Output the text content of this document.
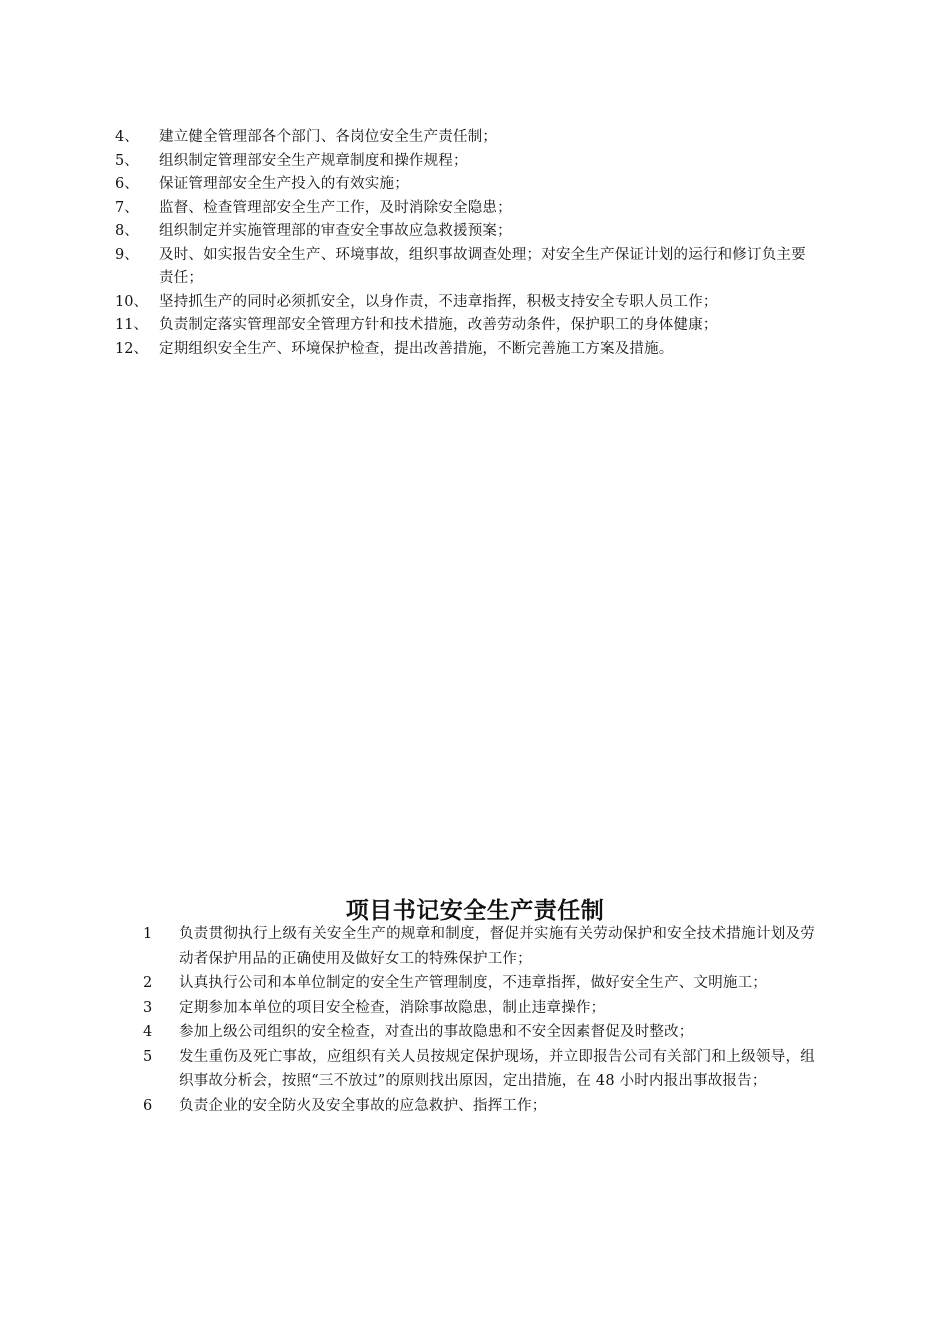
4、	建立健全管理部各个部门、各岗位安全生产责任制；
5、	组织制定管理部安全生产规章制度和操作规程；
6、	保证管理部安全生产投入的有效实施；
7、	监督、检查管理部安全生产工作，及时消除安全隐患；
8、	组织制定并实施管理部的审查安全事故应急救援预案；
9、	及时、如实报告安全生产、环境事故，组织事故调查处理；对安全生产保证计划的运行和修订负主要责任；
10、 坚持抓生产的同时必须抓安全，以身作责，不违章指挥，积极支持安全专职人员工作；
11、 负责制定落实管理部安全管理方针和技术措施，改善劳动条件，保护职工的身体健康；
12、 定期组织安全生产、环境保护检查，提出改善措施，不断完善施工方案及措施。
项目书记安全生产责任制
1	负责贯彻执行上级有关安全生产的规章和制度，督促并实施有关劳动保护和安全技术措施计划及劳动者保护用品的正确使用及做好女工的特殊保护工作；
2	认真执行公司和本单位制定的安全生产管理制度，不违章指挥，做好安全生产、文明施工；
3	定期参加本单位的项目安全检查，消除事故隐患，制止违章操作；
4	参加上级公司组织的安全检查，对查出的事故隐患和不安全因素督促及时整改；
5	发生重伤及死亡事故，应组织有关人员按规定保护现场，并立即报告公司有关部门和上级领导，组织事故分析会，按照“三不放过”的原则找出原因，定出措施，在 48 小时内报出事故报告；
6	负责企业的安全防火及安全事故的应急救护、指挥工作；
